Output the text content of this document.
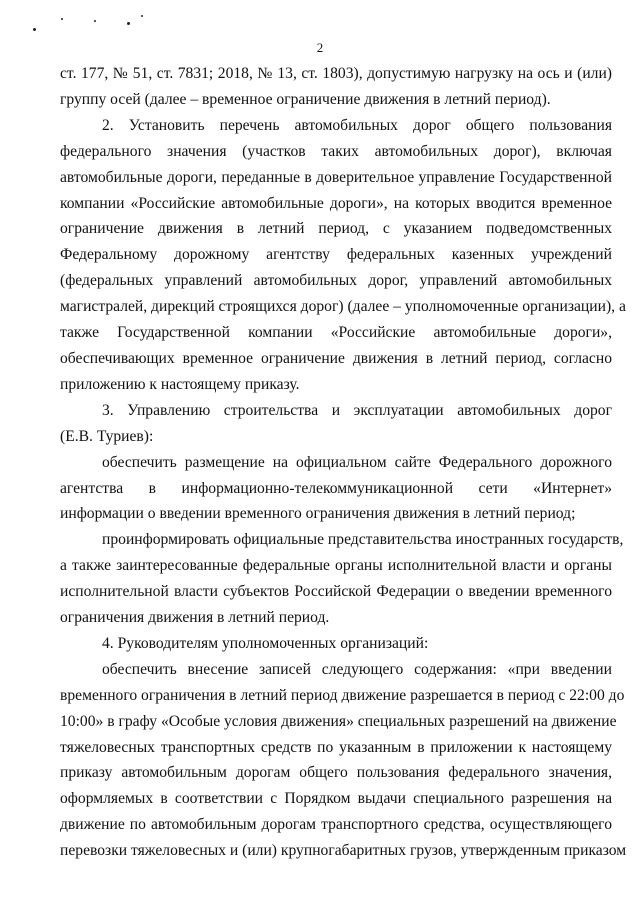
2

ст. 177, № 51, ст. 7831; 2018, № 13, ст. 1803), допустимую нагрузку на ось и (или)

группу осей (далее – временное ограничение движения в летний период).

2. Установить перечень автомобильных дорог общего пользования

федерального значения (участков таких автомобильных дорог), включая

автомобильные дороги, переданные в доверительное управление Государственной

компании «Российские автомобильные дороги», на которых вводится временное

ограничение движения в летний период, с указанием подведомственных

Федеральному дорожному агентству федеральных казенных учреждений

(федеральных управлений автомобильных дорог, управлений автомобильных

магистралей, дирекций строящихся дорог) (далее – уполномоченные организации), а

также Государственной компании «Российские автомобильные дороги»,

обеспечивающих временное ограничение движения в летний период, согласно

приложению к настоящему приказу.

3. Управлению строительства и эксплуатации автомобильных дорог

(Е.В. Туриев):

обеспечить размещение на официальном сайте Федерального дорожного

агентства в информационно-телекоммуникационной сети «Интернет»

информации о введении временного ограничения движения в летний период;

проинформировать официальные представительства иностранных государств,

а также заинтересованные федеральные органы исполнительной власти и органы

исполнительной власти субъектов Российской Федерации о введении временного

ограничения движения в летний период.

4. Руководителям уполномоченных организаций:

обеспечить внесение записей следующего содержания: «при введении

временного ограничения в летний период движение разрешается в период с 22:00 до

10:00» в графу «Особые условия движения» специальных разрешений на движение

тяжеловесных транспортных средств по указанным в приложении к настоящему

приказу автомобильным дорогам общего пользования федерального значения,

оформляемых в соответствии с Порядком выдачи специального разрешения на

движение по автомобильным дорогам транспортного средства, осуществляющего

перевозки тяжеловесных и (или) крупногабаритных грузов, утвержденным приказом
